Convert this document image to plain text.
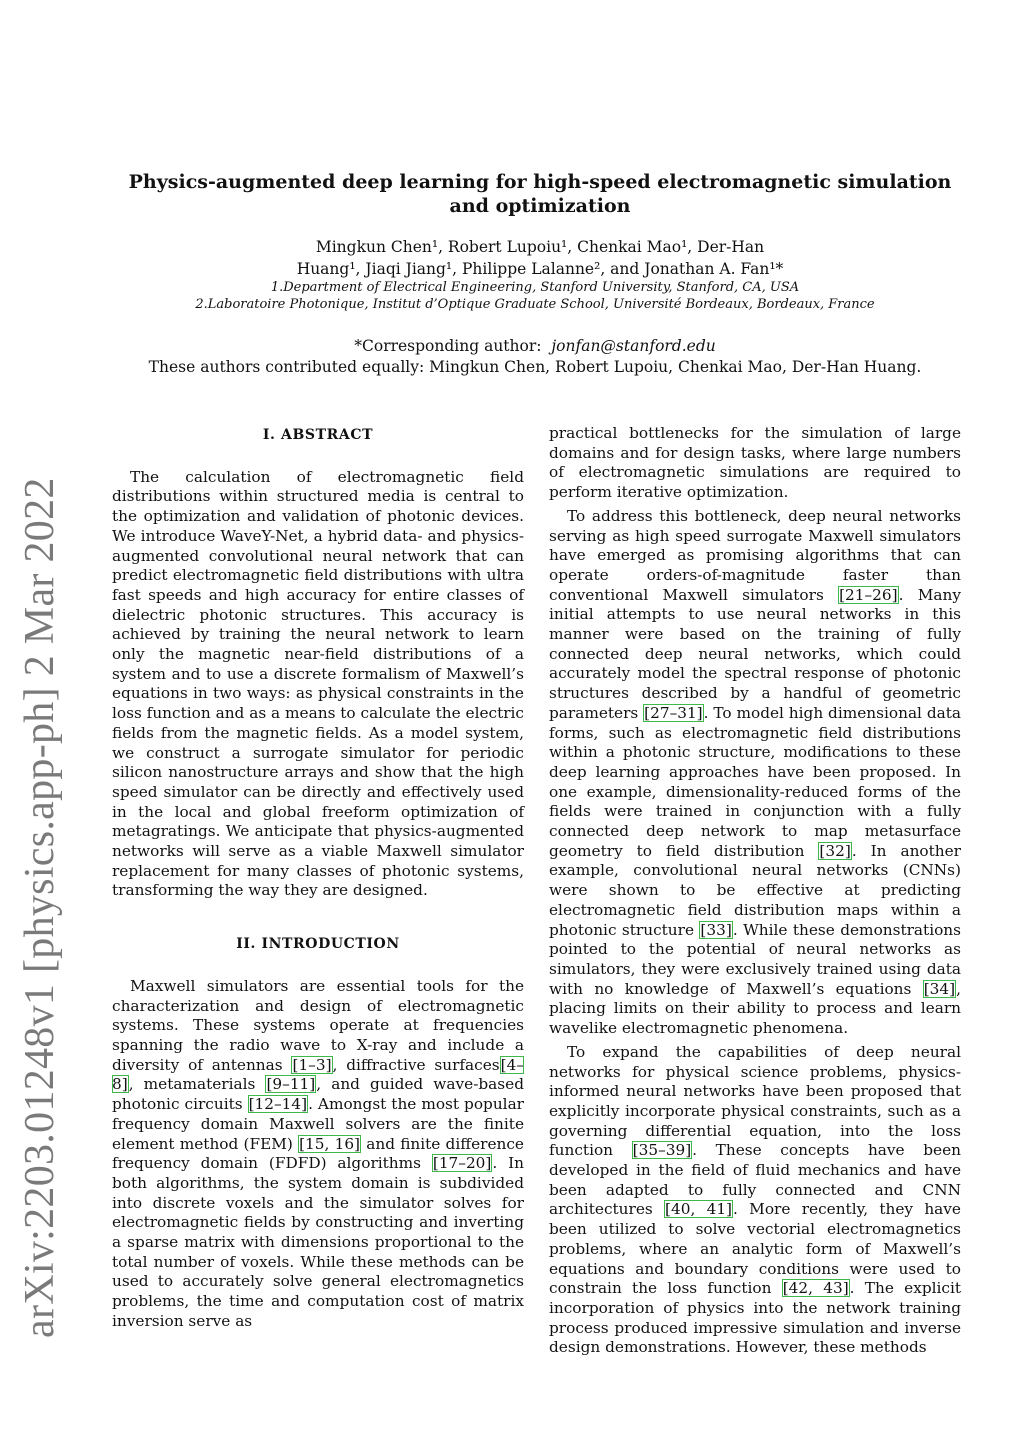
Physics-augmented deep learning for high-speed electromagnetic simulation and optimization
Mingkun Chen¹, Robert Lupoiu¹, Chenkai Mao¹, Der-Han
Huang¹, Jiaqi Jiang¹, Philippe Lalanne², and Jonathan A. Fan¹*
1.Department of Electrical Engineering, Stanford University, Stanford, CA, USA
2.Laboratoire Photonique, Institut d’Optique Graduate School, Université Bordeaux, Bordeaux, France
*Corresponding author: jonfan@stanford.edu
These authors contributed equally: Mingkun Chen, Robert Lupoiu, Chenkai Mao, Der-Han Huang.
arXiv:2203.01248v1 [physics.app-ph] 2 Mar 2022
I. ABSTRACT

The calculation of electromagnetic field distributions within structured media is central to the optimization and validation of photonic devices. We introduce WaveY-Net, a hybrid data- and physics-augmented convolutional neural network that can predict electromagnetic field distributions with ultra fast speeds and high accuracy for entire classes of dielectric photonic structures. This accuracy is achieved by training the neural network to learn only the magnetic near-field distributions of a system and to use a discrete formalism of Maxwell’s equations in two ways: as physical constraints in the loss function and as a means to calculate the electric fields from the magnetic fields. As a model system, we construct a surrogate simulator for periodic silicon nanostructure arrays and show that the high speed simulator can be directly and effectively used in the local and global freeform optimization of metagratings. We anticipate that physics-augmented networks will serve as a viable Maxwell simulator replacement for many classes of photonic systems, transforming the way they are designed.

II. INTRODUCTION

Maxwell simulators are essential tools for the characterization and design of electromagnetic systems. These systems operate at frequencies spanning the radio wave to X-ray and include a diversity of antennas [1–3], diffractive surfaces[4–8], metamaterials [9–11], and guided wave-based photonic circuits [12–14]. Amongst the most popular frequency domain Maxwell solvers are the finite element method (FEM) [15, 16] and finite difference frequency domain (FDFD) algorithms [17–20]. In both algorithms, the system domain is subdivided into discrete voxels and the simulator solves for electromagnetic fields by constructing and inverting a sparse matrix with dimensions proportional to the total number of voxels. While these methods can be used to accurately solve general electromagnetics problems, the time and computation cost of matrix inversion serve as

practical bottlenecks for the simulation of large domains and for design tasks, where large numbers of electromagnetic simulations are required to perform iterative optimization.

To address this bottleneck, deep neural networks serving as high speed surrogate Maxwell simulators have emerged as promising algorithms that can operate orders-of-magnitude faster than conventional Maxwell simulators [21–26]. Many initial attempts to use neural networks in this manner were based on the training of fully connected deep neural networks, which could accurately model the spectral response of photonic structures described by a handful of geometric parameters [27–31]. To model high dimensional data forms, such as electromagnetic field distributions within a photonic structure, modifications to these deep learning approaches have been proposed. In one example, dimensionality-reduced forms of the fields were trained in conjunction with a fully connected deep network to map metasurface geometry to field distribution [32]. In another example, convolutional neural networks (CNNs) were shown to be effective at predicting electromagnetic field distribution maps within a photonic structure [33]. While these demonstrations pointed to the potential of neural networks as simulators, they were exclusively trained using data with no knowledge of Maxwell’s equations [34], placing limits on their ability to process and learn wavelike electromagnetic phenomena.

To expand the capabilities of deep neural networks for physical science problems, physics-informed neural networks have been proposed that explicitly incorporate physical constraints, such as a governing differential equation, into the loss function [35–39]. These concepts have been developed in the field of fluid mechanics and have been adapted to fully connected and CNN architectures [40, 41]. More recently, they have been utilized to solve vectorial electromagnetics problems, where an analytic form of Maxwell’s equations and boundary conditions were used to constrain the loss function [42, 43]. The explicit incorporation of physics into the network training process produced impressive simulation and inverse design demonstrations. However, these methods
